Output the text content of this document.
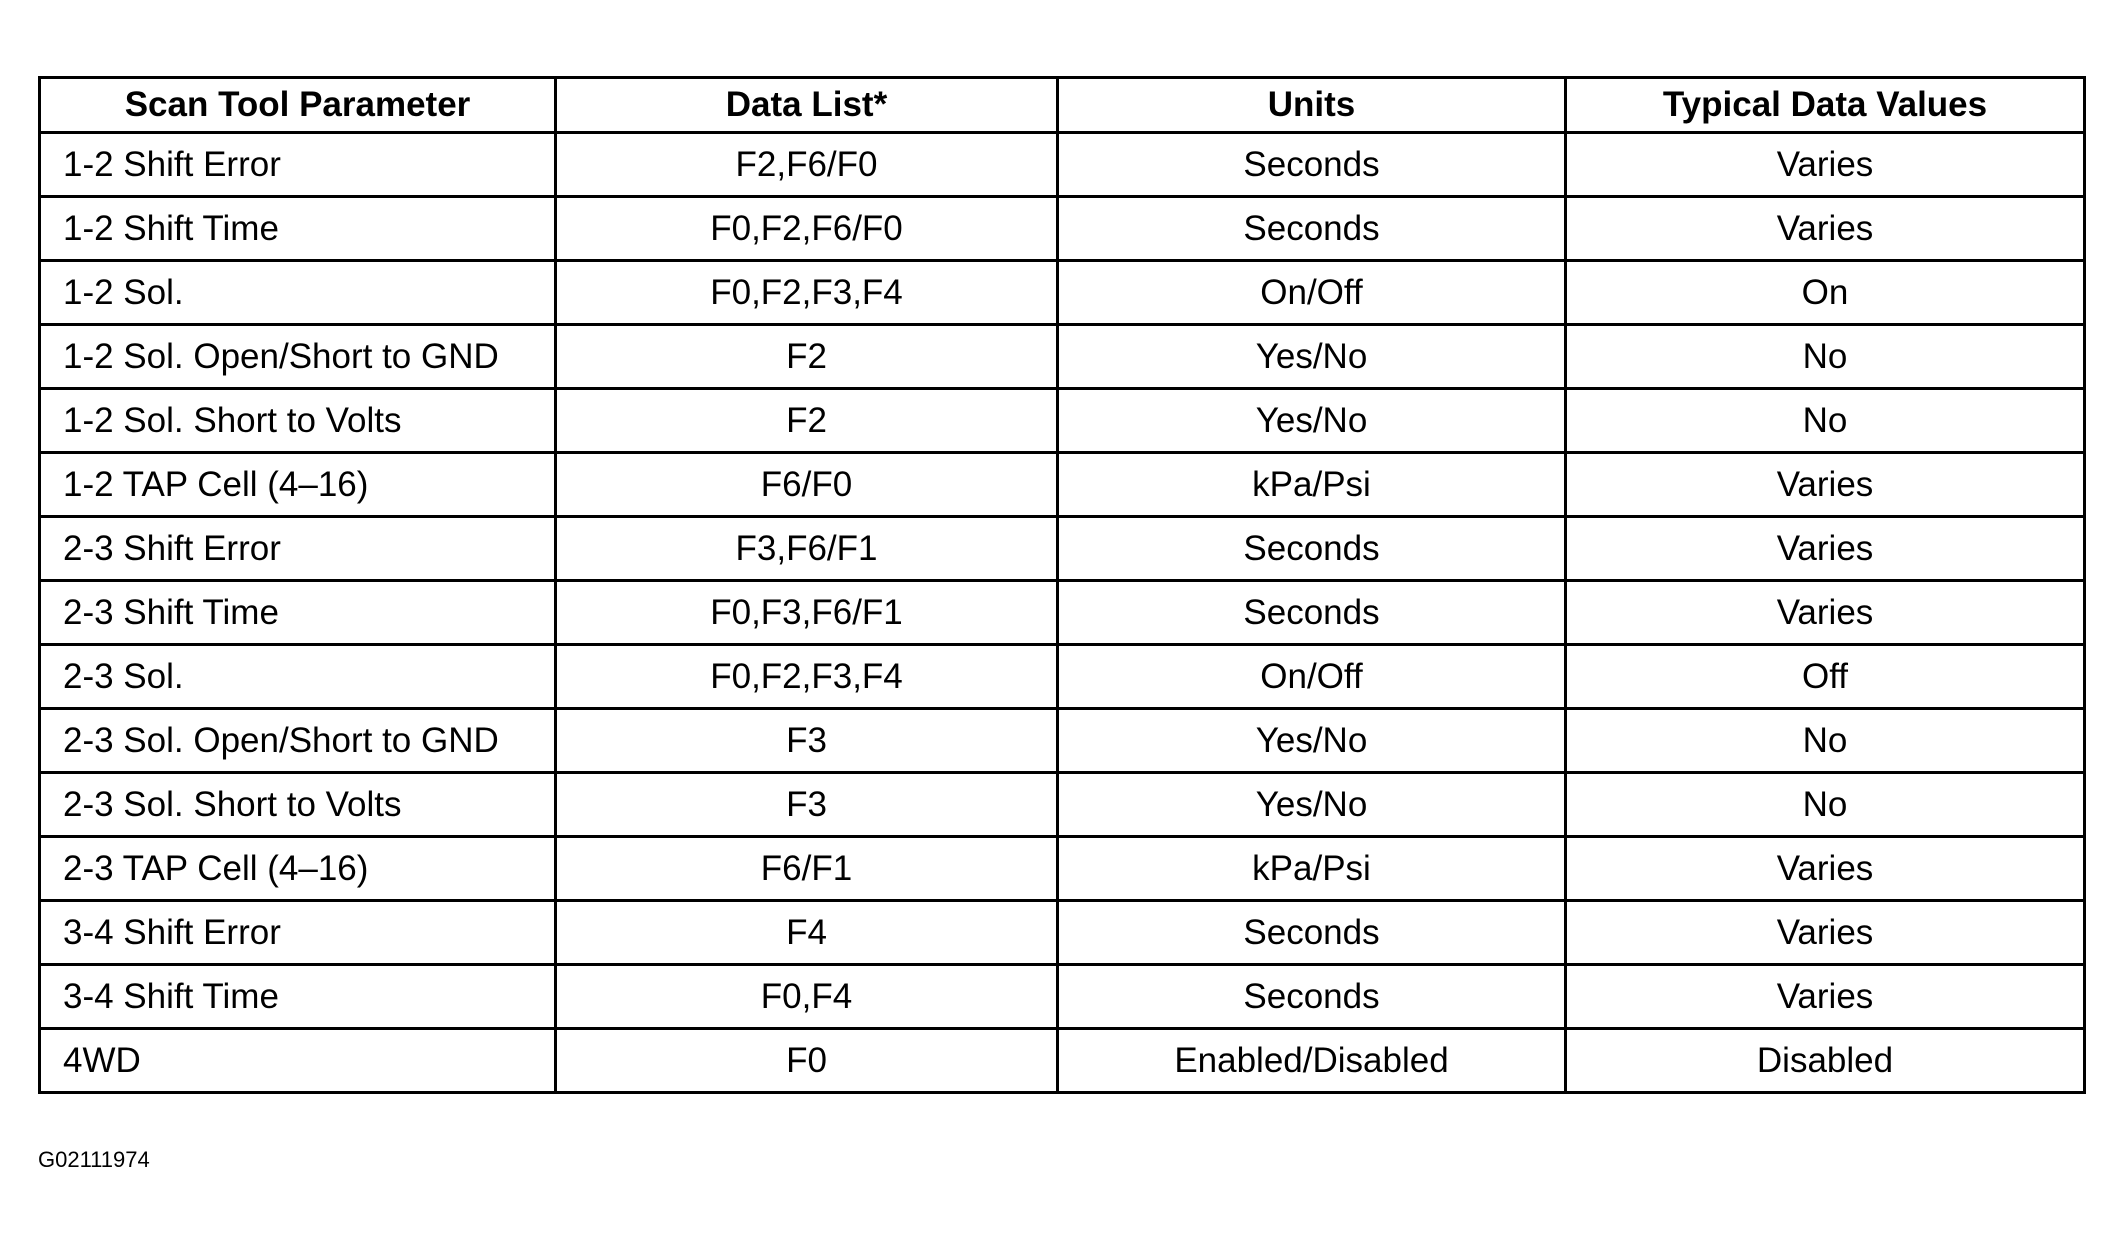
Scan Tool Parameter	Data List*	Units	Typical Data Values
1-2 Shift Error	F2,F6/F0	Seconds	Varies
1-2 Shift Time	F0,F2,F6/F0	Seconds	Varies
1-2 Sol.	F0,F2,F3,F4	On/Off	On
1-2 Sol. Open/Short to GND	F2	Yes/No	No
1-2 Sol. Short to Volts	F2	Yes/No	No
1-2 TAP Cell (4–16)	F6/F0	kPa/Psi	Varies
2-3 Shift Error	F3,F6/F1	Seconds	Varies
2-3 Shift Time	F0,F3,F6/F1	Seconds	Varies
2-3 Sol.	F0,F2,F3,F4	On/Off	Off
2-3 Sol. Open/Short to GND	F3	Yes/No	No
2-3 Sol. Short to Volts	F3	Yes/No	No
2-3 TAP Cell (4–16)	F6/F1	kPa/Psi	Varies
3-4 Shift Error	F4	Seconds	Varies
3-4 Shift Time	F0,F4	Seconds	Varies
4WD	F0	Enabled/Disabled	Disabled
G02111974
